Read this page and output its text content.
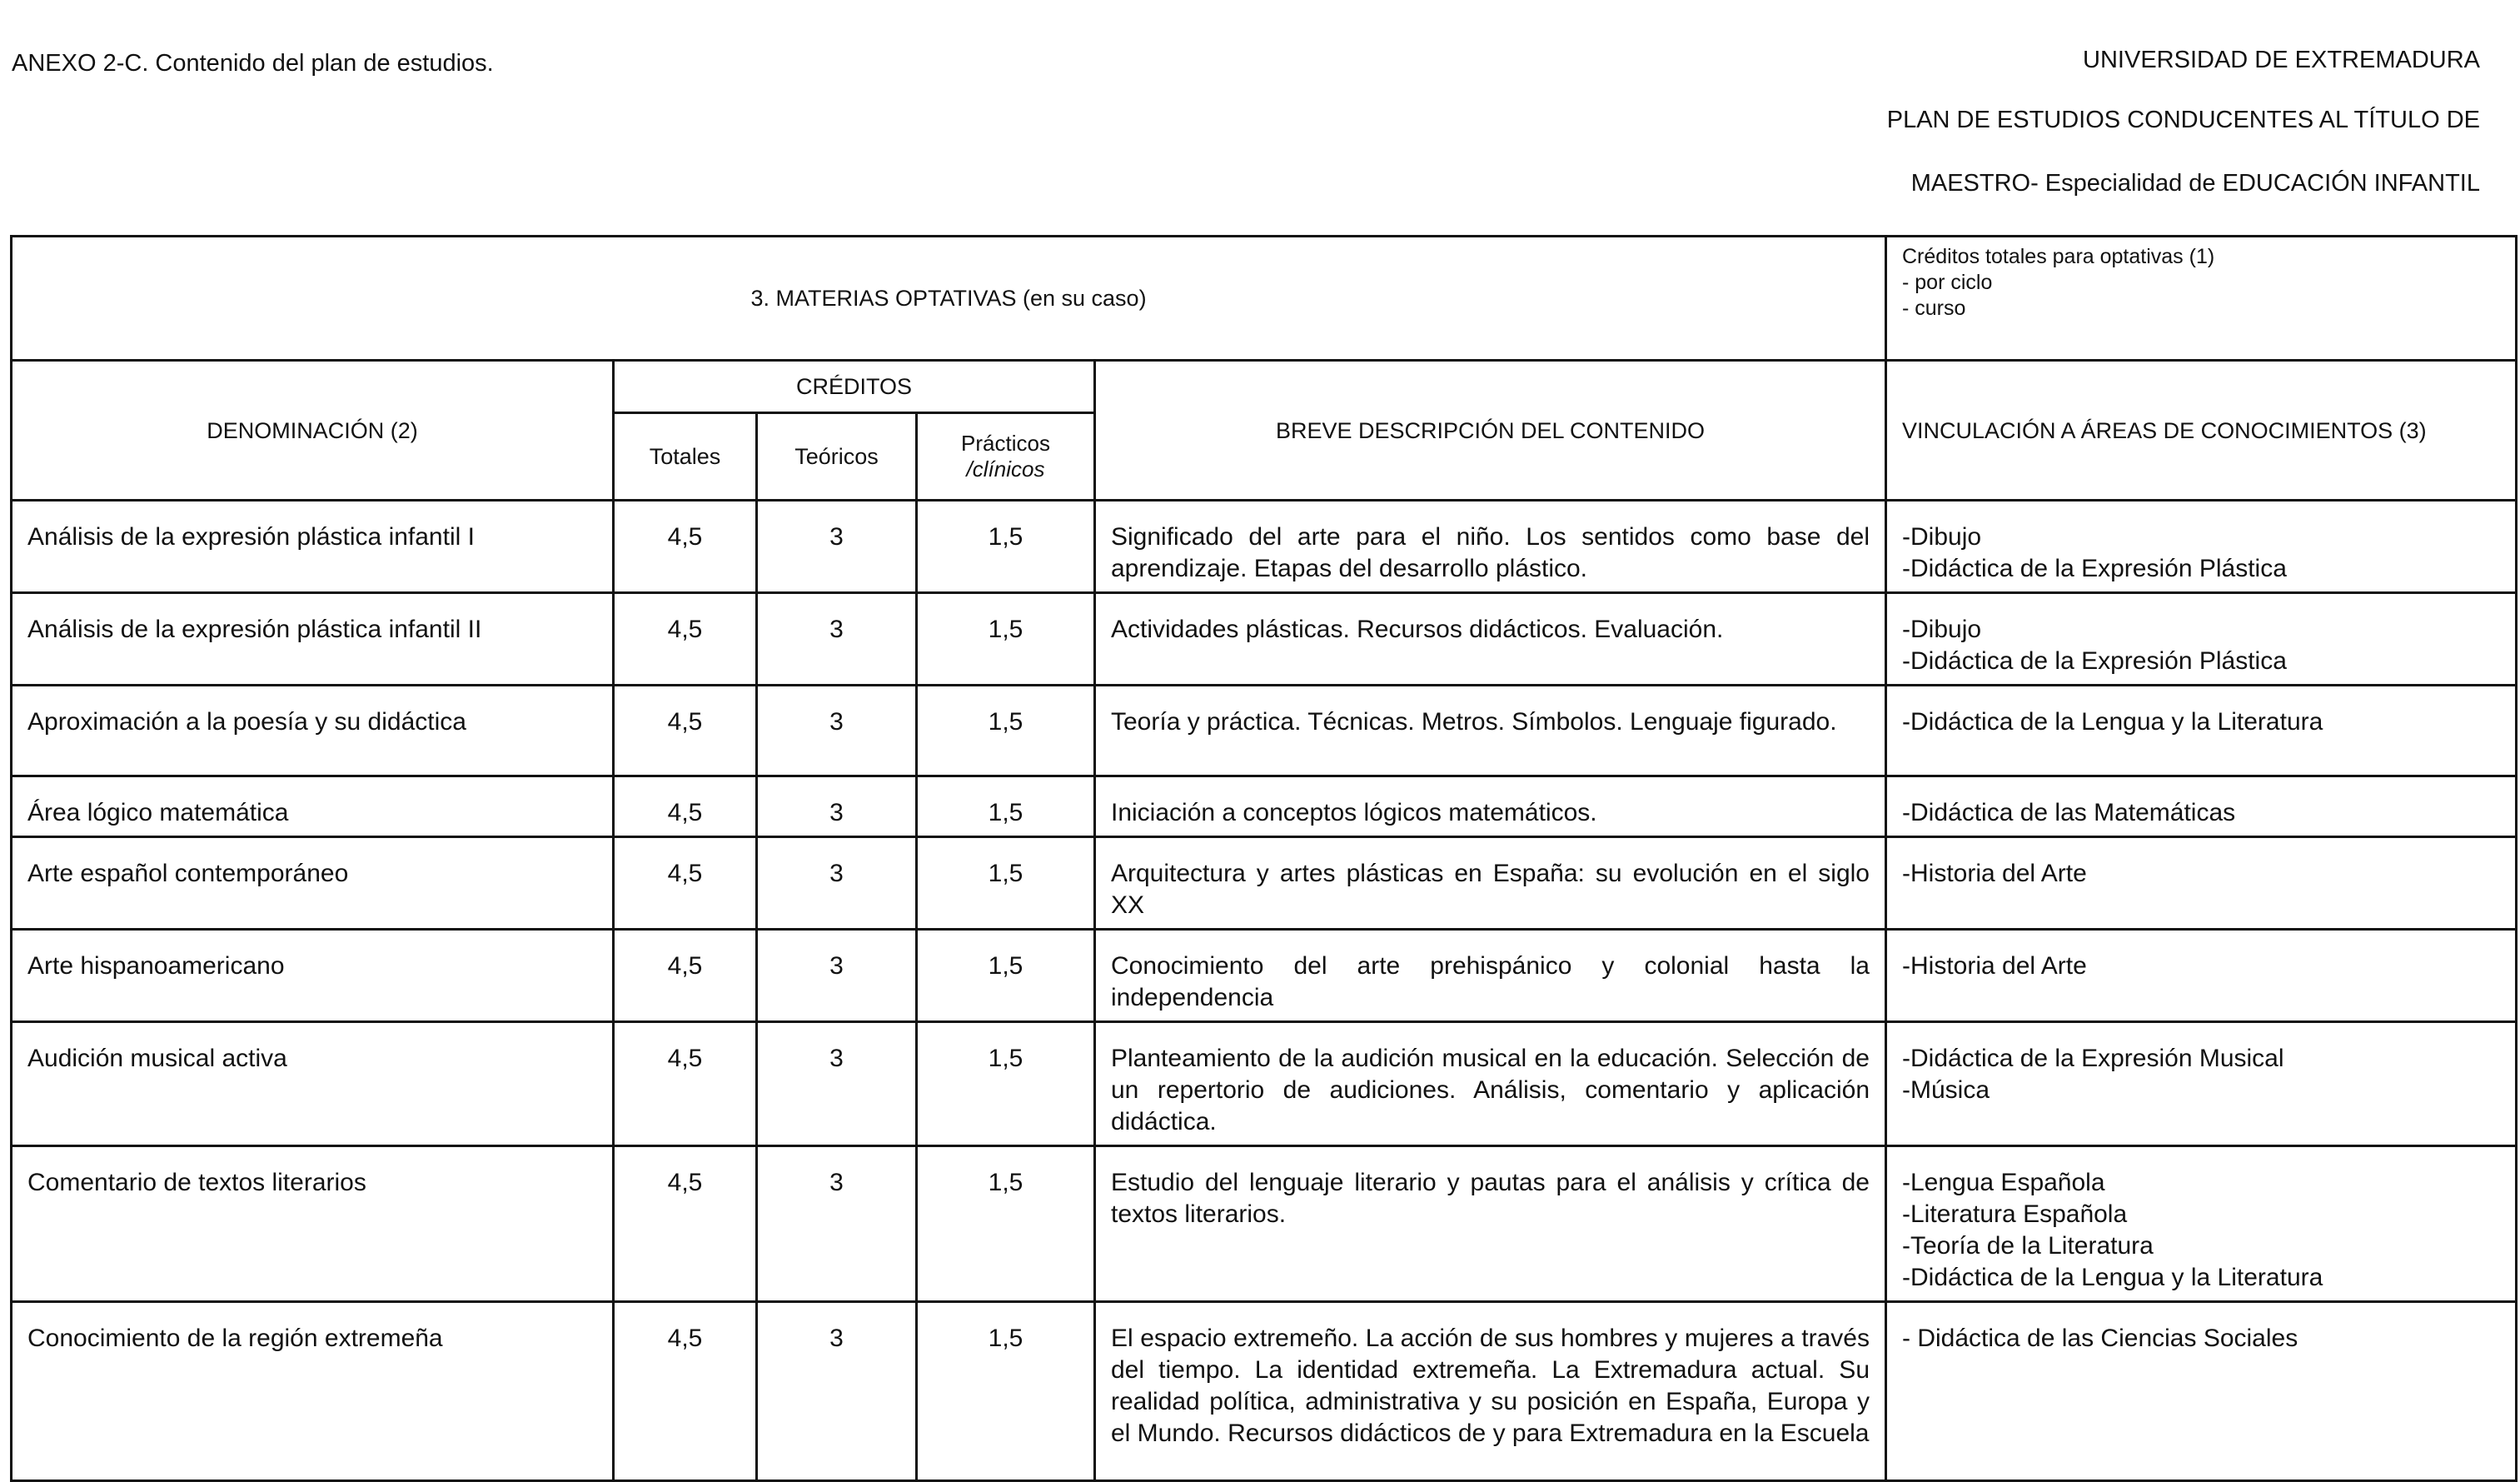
ANEXO 2-C. Contenido del plan de estudios.	UNIVERSIDAD DE EXTREMADURA
PLAN DE ESTUDIOS CONDUCENTES AL TÍTULO DE
MAESTRO- Especialidad de EDUCACIÓN INFANTIL
3. MATERIAS OPTATIVAS (en su caso)					Créditos totales para optativas (1)
- por ciclo
- curso

DENOMINACIÓN (2)	CRÉDITOS			BREVE DESCRIPCIÓN DEL CONTENIDO	VINCULACIÓN A ÁREAS DE CONOCIMIENTOS (3)
	Totales	Teóricos	Prácticos
/clínicos		

Análisis de la expresión plástica infantil I	4,5	3	1,5	Significado del arte para el niño. Los sentidos como base del aprendizaje. Etapas del desarrollo plástico.	-Dibujo
-Didáctica de la Expresión Plástica

Análisis de la expresión plástica infantil II	4,5	3	1,5	Actividades plásticas. Recursos didácticos. Evaluación.	-Dibujo
-Didáctica de la Expresión Plástica

Aproximación a la poesía y su didáctica	4,5	3	1,5	Teoría y práctica. Técnicas. Metros. Símbolos. Lenguaje figurado.	-Didáctica de la Lengua y la Literatura

Área lógico matemática	4,5	3	1,5	Iniciación a conceptos lógicos matemáticos.	-Didáctica de las Matemáticas

Arte español contemporáneo	4,5	3	1,5	Arquitectura y artes plásticas en España: su evolución en el siglo XX	-Historia del Arte

Arte hispanoamericano	4,5	3	1,5	Conocimiento del arte prehispánico y colonial hasta la independencia	-Historia del Arte

Audición musical activa	4,5	3	1,5	Planteamiento de la audición musical en la educación. Selección de un repertorio de audiciones. Análisis, comentario y aplicación didáctica.	-Didáctica de la Expresión Musical
-Música

Comentario de textos literarios	4,5	3	1,5	Estudio del lenguaje literario y pautas para el análisis y crítica de textos literarios.	-Lengua Española
-Literatura Española
-Teoría de la Literatura
-Didáctica de la Lengua y la Literatura

Conocimiento de la región extremeña	4,5	3	1,5	El espacio extremeño. La acción de sus hombres y mujeres a través del tiempo. La identidad extremeña. La Extremadura actual. Su realidad política, administrativa y su posición en España, Europa y el Mundo. Recursos didácticos de y para Extremadura en la Escuela	- Didáctica de las Ciencias Sociales
